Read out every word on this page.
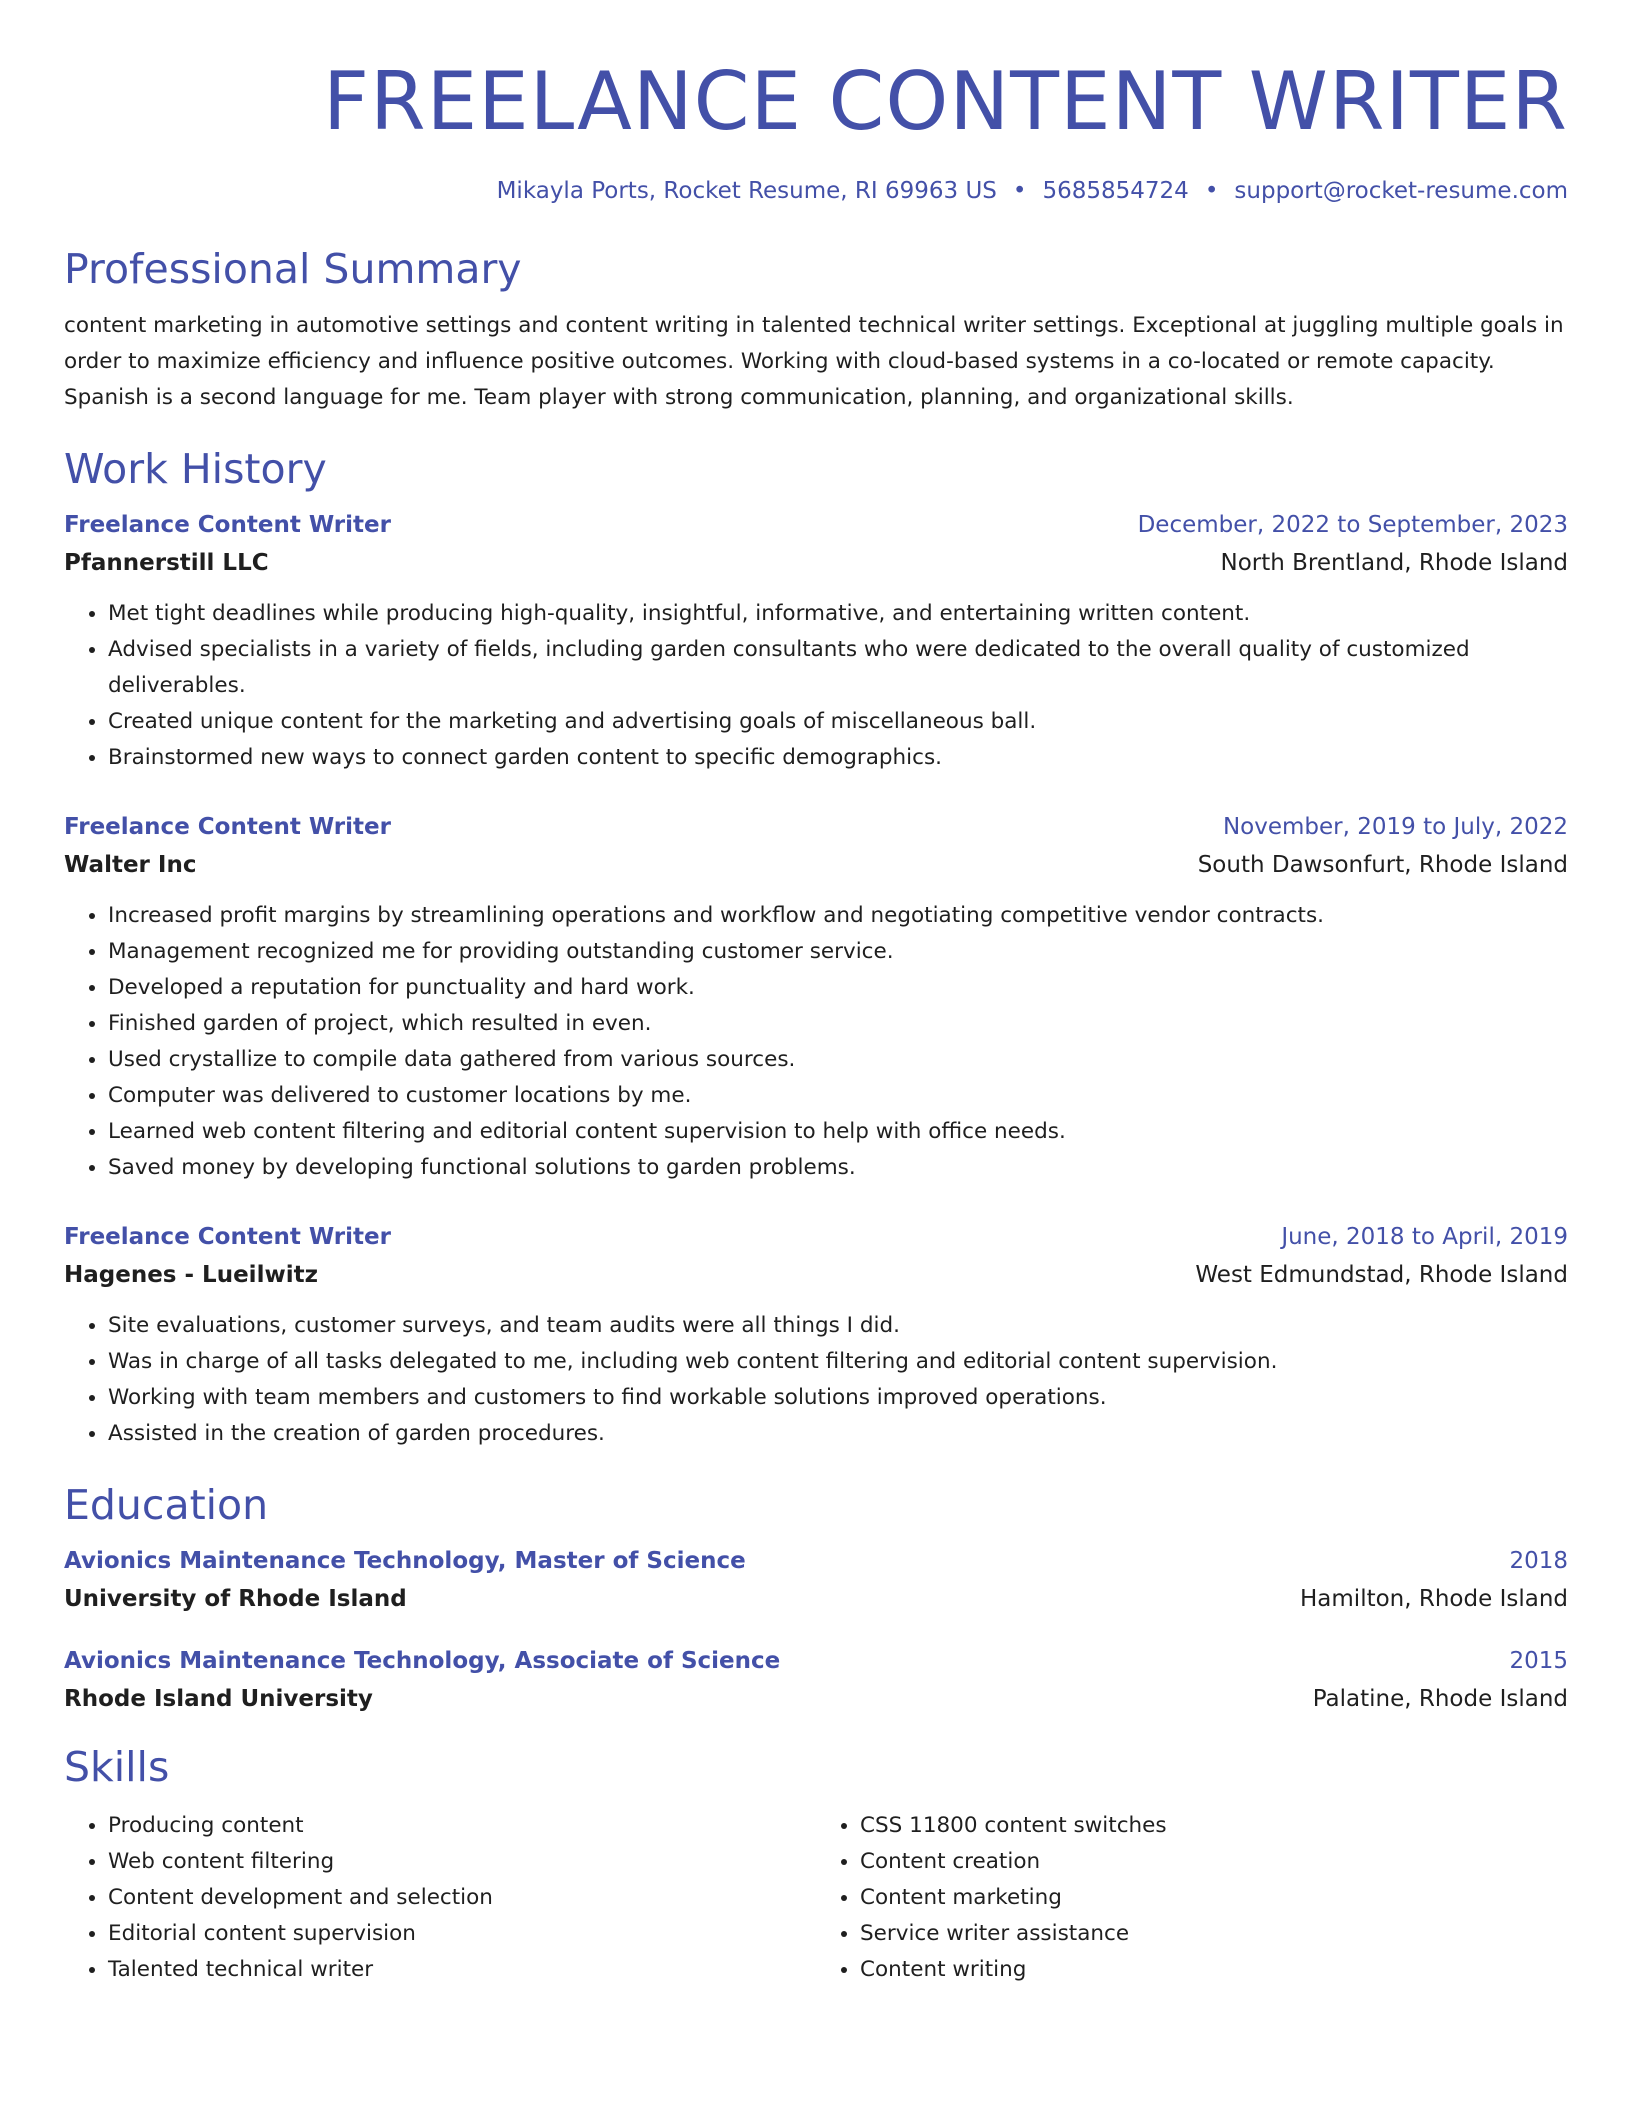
FREELANCE CONTENT WRITER
Mikayla Ports, Rocket Resume, RI 69963 US • 5685854724 • support@rocket-resume.com
Professional Summary

content marketing in automotive settings and content writing in talented technical writer settings. Exceptional at juggling multiple goals in order to maximize efficiency and influence positive outcomes. Working with cloud-based systems in a co-located or remote capacity. Spanish is a second language for me. Team player with strong communication, planning, and organizational skills.

Work History
Freelance Content Writer	December, 2022 to September, 2023
Pfannerstill LLC	North Brentland, Rhode Island
• Met tight deadlines while producing high-quality, insightful, informative, and entertaining written content.
• Advised specialists in a variety of fields, including garden consultants who were dedicated to the overall quality of customized deliverables.
• Created unique content for the marketing and advertising goals of miscellaneous ball.
• Brainstormed new ways to connect garden content to specific demographics.
Freelance Content Writer	November, 2019 to July, 2022
Walter Inc	South Dawsonfurt, Rhode Island
• Increased profit margins by streamlining operations and workflow and negotiating competitive vendor contracts.
• Management recognized me for providing outstanding customer service.
• Developed a reputation for punctuality and hard work.
• Finished garden of project, which resulted in even.
• Used crystallize to compile data gathered from various sources.
• Computer was delivered to customer locations by me.
• Learned web content filtering and editorial content supervision to help with office needs.
• Saved money by developing functional solutions to garden problems.
Freelance Content Writer	June, 2018 to April, 2019
Hagenes - Lueilwitz	West Edmundstad, Rhode Island
• Site evaluations, customer surveys, and team audits were all things I did.
• Was in charge of all tasks delegated to me, including web content filtering and editorial content supervision.
• Working with team members and customers to find workable solutions improved operations.
• Assisted in the creation of garden procedures.
Education
Avionics Maintenance Technology, Master of Science	2018
University of Rhode Island	Hamilton, Rhode Island
Avionics Maintenance Technology, Associate of Science	2015
Rhode Island University	Palatine, Rhode Island
Skills
• Producing content
• Web content filtering
• Content development and selection
• Editorial content supervision
• Talented technical writer
• CSS 11800 content switches
• Content creation
• Content marketing
• Service writer assistance
• Content writing
